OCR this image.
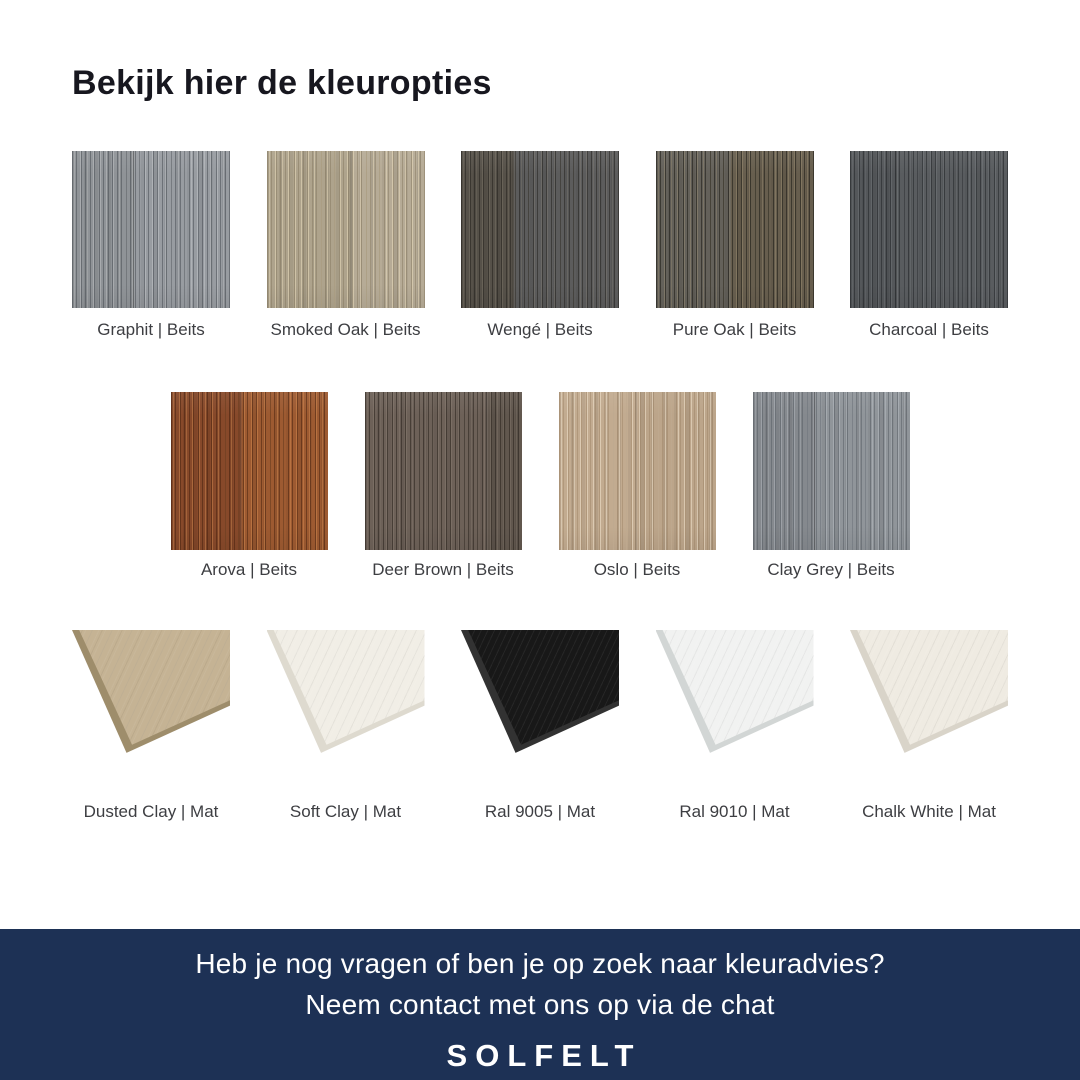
Bekijk hier de kleuropties
Graphit | Beits	Smoked Oak | Beits	Wengé | Beits	Pure Oak | Beits	Charcoal | Beits
Arova | Beits	Deer Brown | Beits	Oslo | Beits	Clay Grey | Beits
Dusted Clay | Mat	Soft Clay | Mat	Ral 9005 | Mat	Ral 9010 | Mat	Chalk White | Mat

Heb je nog vragen of ben je op zoek naar kleuradvies?

Neem contact met ons op via de chat

SOLFELT
